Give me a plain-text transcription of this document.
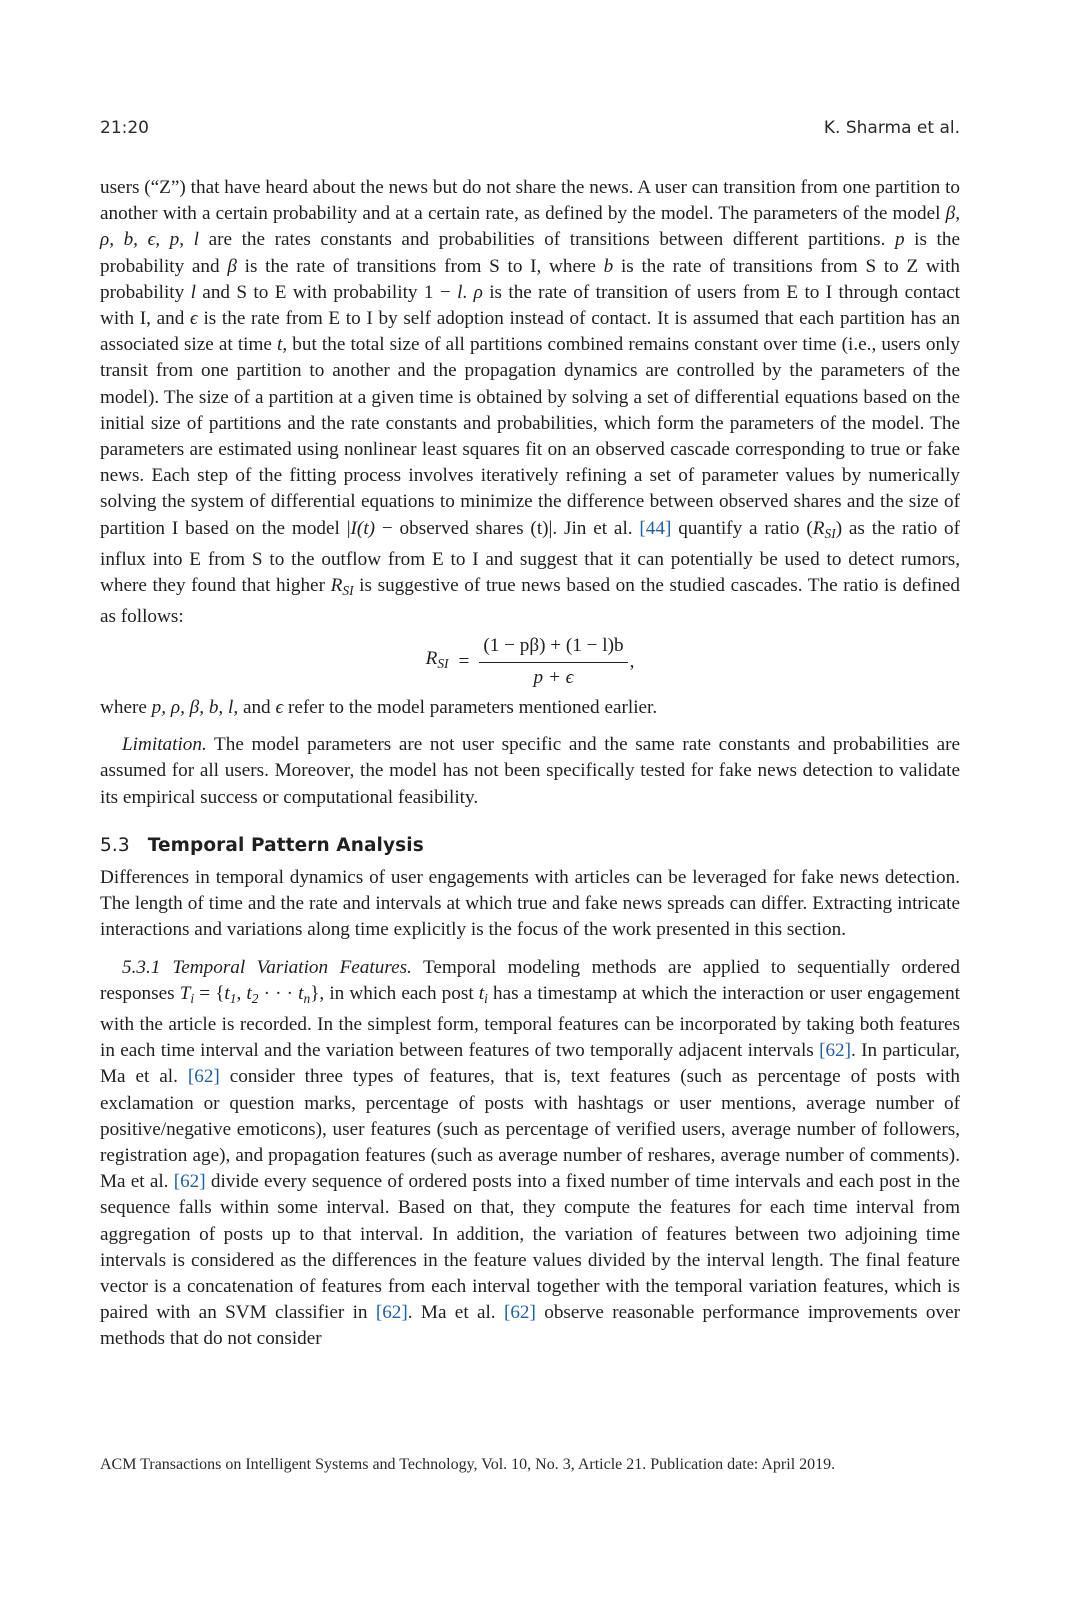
21:20	K. Sharma et al.

users (“Z”) that have heard about the news but do not share the news. A user can transition from one partition to another with a certain probability and at a certain rate, as defined by the model. The parameters of the model β, ρ, b, ϵ, p, l are the rates constants and probabilities of transitions between different partitions. p is the probability and β is the rate of transitions from S to I, where b is the rate of transitions from S to Z with probability l and S to E with probability 1 − l. ρ is the rate of transition of users from E to I through contact with I, and ϵ is the rate from E to I by self adoption instead of contact. It is assumed that each partition has an associated size at time t, but the total size of all partitions combined remains constant over time (i.e., users only transit from one partition to another and the propagation dynamics are controlled by the parameters of the model). The size of a partition at a given time is obtained by solving a set of differential equations based on the initial size of partitions and the rate constants and probabilities, which form the parameters of the model. The parameters are estimated using nonlinear least squares fit on an observed cascade corresponding to true or fake news. Each step of the fitting process involves iteratively refining a set of parameter values by numerically solving the system of differential equations to minimize the difference between observed shares and the size of partition I based on the model |I(t) − observed shares (t)|. Jin et al. [44] quantify a ratio $(R_{SI})$ as the ratio of influx into E from S to the outflow from E to I and suggest that it can potentially be used to detect rumors, where they found that higher $R_{SI}$ is suggestive of true news based on the studied cascades. The ratio is defined as follows:

$R_{SI} = \frac{(1 - p\beta) + (1 - l)b}{p + \epsilon}$ ,

where p, ρ, β, b, l, and ϵ refer to the model parameters mentioned earlier.

Limitation. The model parameters are not user specific and the same rate constants and probabilities are assumed for all users. Moreover, the model has not been specifically tested for fake news detection to validate its empirical success or computational feasibility.

5.3 Temporal Pattern Analysis

Differences in temporal dynamics of user engagements with articles can be leveraged for fake news detection. The length of time and the rate and intervals at which true and fake news spreads can differ. Extracting intricate interactions and variations along time explicitly is the focus of the work presented in this section.

5.3.1 Temporal Variation Features. Temporal modeling methods are applied to sequentially ordered responses $T_i = \{t_1$, $t_2$ · · · $t_n$}, in which each post $t_i$ has a timestamp at which the interaction or user engagement with the article is recorded. In the simplest form, temporal features can be incorporated by taking both features in each time interval and the variation between features of two temporally adjacent intervals [62]. In particular, Ma et al. [62] consider three types of features, that is, text features (such as percentage of posts with exclamation or question marks, percentage of posts with hashtags or user mentions, average number of positive/negative emoticons), user features (such as percentage of verified users, average number of followers, registration age), and propagation features (such as average number of reshares, average number of comments). Ma et al. [62] divide every sequence of ordered posts into a fixed number of time intervals and each post in the sequence falls within some interval. Based on that, they compute the features for each time interval from aggregation of posts up to that interval. In addition, the variation of features between two adjoining time intervals is considered as the differences in the feature values divided by the interval length. The final feature vector is a concatenation of features from each interval together with the temporal variation features, which is paired with an SVM classifier in [62]. Ma et al. [62] observe reasonable performance improvements over methods that do not consider

ACM Transactions on Intelligent Systems and Technology, Vol. 10, No. 3, Article 21. Publication date: April 2019.
